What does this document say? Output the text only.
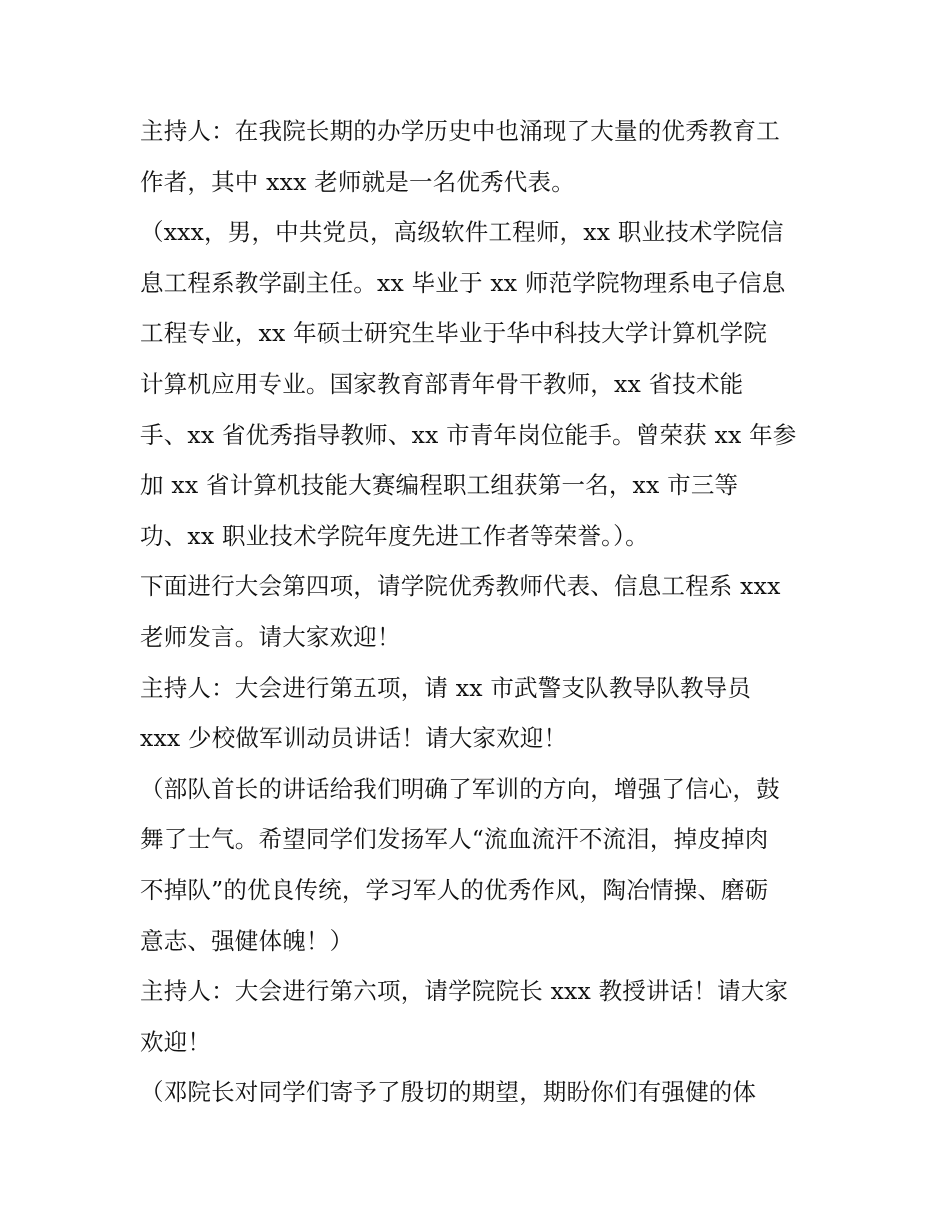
主持人：在我院长期的办学历史中也涌现了大量的优秀教育工
作者，其中 xxx 老师就是一名优秀代表。
（xxx，男，中共党员，高级软件工程师，xx 职业技术学院信
息工程系教学副主任。xx 毕业于 xx 师范学院物理系电子信息
工程专业，xx 年硕士研究生毕业于华中科技大学计算机学院
计算机应用专业。国家教育部青年骨干教师，xx 省技术能
手、xx 省优秀指导教师、xx 市青年岗位能手。曾荣获 xx 年参
加 xx 省计算机技能大赛编程职工组获第一名，xx 市三等
功、xx 职业技术学院年度先进工作者等荣誉。）。
下面进行大会第四项，请学院优秀教师代表、信息工程系 xxx
老师发言。请大家欢迎！
主持人：大会进行第五项，请 xx 市武警支队教导队教导员
xxx 少校做军训动员讲话！请大家欢迎！
（部队首长的讲话给我们明确了军训的方向，增强了信心，鼓
舞了士气。希望同学们发扬军人“流血流汗不流泪，掉皮掉肉
不掉队”的优良传统，学习军人的优秀作风，陶冶情操、磨砺
意志、强健体魄！）
主持人：大会进行第六项，请学院院长 xxx 教授讲话！请大家
欢迎！
（邓院长对同学们寄予了殷切的期望，期盼你们有强健的体
